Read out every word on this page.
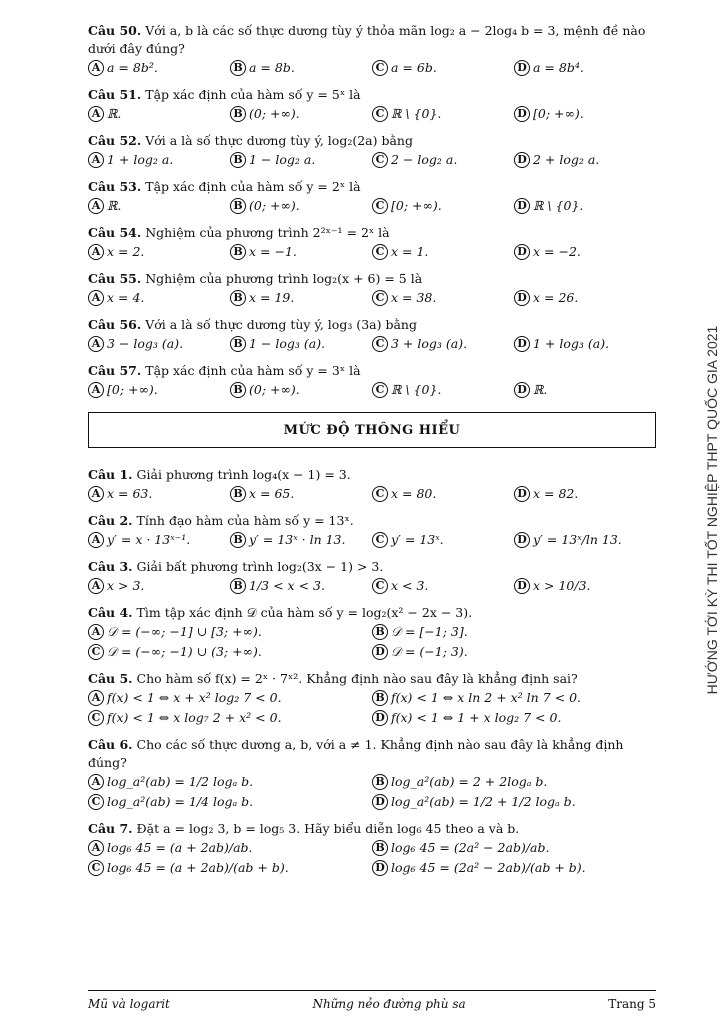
Câu 50. Với a, b là các số thực dương tùy ý thỏa mãn log₂ a − 2log₄ b = 3, mệnh đề nào dưới đây đúng?
A a = 8b².	B a = 8b.	C a = 6b.	D a = 8b⁴.
Câu 51. Tập xác định của hàm số y = 5ˣ là
A ℝ.	B (0; +∞).	C ℝ \ {0}.	D [0; +∞).
Câu 52. Với a là số thực dương tùy ý, log₂(2a) bằng
A 1 + log₂ a.	B 1 − log₂ a.	C 2 − log₂ a.	D 2 + log₂ a.
Câu 53. Tập xác định của hàm số y = 2ˣ là
A ℝ.	B (0; +∞).	C [0; +∞).	D ℝ \ {0}.
Câu 54. Nghiệm của phương trình 2²ˣ⁻¹ = 2ˣ là
A x = 2.	B x = −1.	C x = 1.	D x = −2.
Câu 55. Nghiệm của phương trình log₂(x + 6) = 5 là
A x = 4.	B x = 19.	C x = 38.	D x = 26.
Câu 56. Với a là số thực dương tùy ý, log₃ (3a) bằng
A 3 − log₃ (a).	B 1 − log₃ (a).	C 3 + log₃ (a).	D 1 + log₃ (a).
Câu 57. Tập xác định của hàm số y = 3ˣ là
A [0; +∞).	B (0; +∞).	C ℝ \ {0}.	D ℝ.
MỨC ĐỘ THÔNG HIỂU
Câu 1. Giải phương trình log₄(x − 1) = 3.
A x = 63.	B x = 65.	C x = 80.	D x = 82.
Câu 2. Tính đạo hàm của hàm số y = 13ˣ.
A y′ = x · 13ˣ⁻¹.	B y′ = 13ˣ · ln 13.	C y′ = 13ˣ.	D y′ = 13ˣ/ln 13.
Câu 3. Giải bất phương trình log₂(3x − 1) > 3.
A x > 3.	B 1/3 < x < 3.	C x < 3.	D x > 10/3.
Câu 4. Tìm tập xác định 𝒟 của hàm số y = log₂(x² − 2x − 3).
A 𝒟 = (−∞; −1] ∪ [3; +∞).	B 𝒟 = [−1; 3].
C 𝒟 = (−∞; −1) ∪ (3; +∞).	D 𝒟 = (−1; 3).
Câu 5. Cho hàm số f(x) = 2ˣ · 7ˣ². Khẳng định nào sau đây là khẳng định sai?
A f(x) < 1 ⇔ x + x² log₂ 7 < 0.	B f(x) < 1 ⇔ x ln 2 + x² ln 7 < 0.
C f(x) < 1 ⇔ x log₇ 2 + x² < 0.	D f(x) < 1 ⇔ 1 + x log₂ 7 < 0.
Câu 6. Cho các số thực dương a, b, với a ≠ 1. Khẳng định nào sau đây là khẳng định đúng?
A log_a²(ab) = 1/2 logₐ b.	B log_a²(ab) = 2 + 2logₐ b.
C log_a²(ab) = 1/4 logₐ b.	D log_a²(ab) = 1/2 + 1/2 logₐ b.
Câu 7. Đặt a = log₂ 3, b = log₅ 3. Hãy biểu diễn log₆ 45 theo a và b.
A log₆ 45 = (a + 2ab)/ab.	B log₆ 45 = (2a² − 2ab)/ab.
C log₆ 45 = (a + 2ab)/(ab + b).	D log₆ 45 = (2a² − 2ab)/(ab + b).
HƯỚNG TỚI KỲ THI TỐT NGHIỆP THPT QUỐC GIA 2021
Mũ và logarit	Những nẻo đường phù sa	Trang 5
